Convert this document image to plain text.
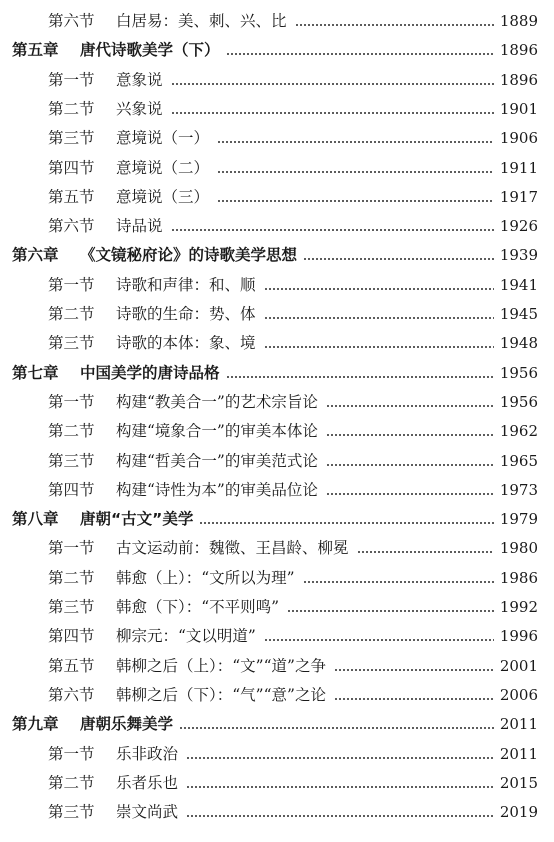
第六节	白居易：美、刺、兴、比	1889
第五章	唐代诗歌美学（下）	1896
第一节	意象说	1896
第二节	兴象说	1901
第三节	意境说（一）	1906
第四节	意境说（二）	1911
第五节	意境说（三）	1917
第六节	诗品说	1926
第六章	《文镜秘府论》的诗歌美学思想	1939
第一节	诗歌和声律：和、顺	1941
第二节	诗歌的生命：势、体	1945
第三节	诗歌的本体：象、境	1948
第七章	中国美学的唐诗品格	1956
第一节	构建“教美合一”的艺术宗旨论	1956
第二节	构建“境象合一”的审美本体论	1962
第三节	构建“哲美合一”的审美范式论	1965
第四节	构建“诗性为本”的审美品位论	1973
第八章	唐朝“古文”美学	1979
第一节	古文运动前：魏徵、王昌龄、柳冕	1980
第二节	韩愈（上）：“文所以为理”	1986
第三节	韩愈（下）：“不平则鸣”	1992
第四节	柳宗元：“文以明道”	1996
第五节	韩柳之后（上）：“文”“道”之争	2001
第六节	韩柳之后（下）：“气”“意”之论	2006
第九章	唐朝乐舞美学	2011
第一节	乐非政治	2011
第二节	乐者乐也	2015
第三节	崇文尚武	2019
